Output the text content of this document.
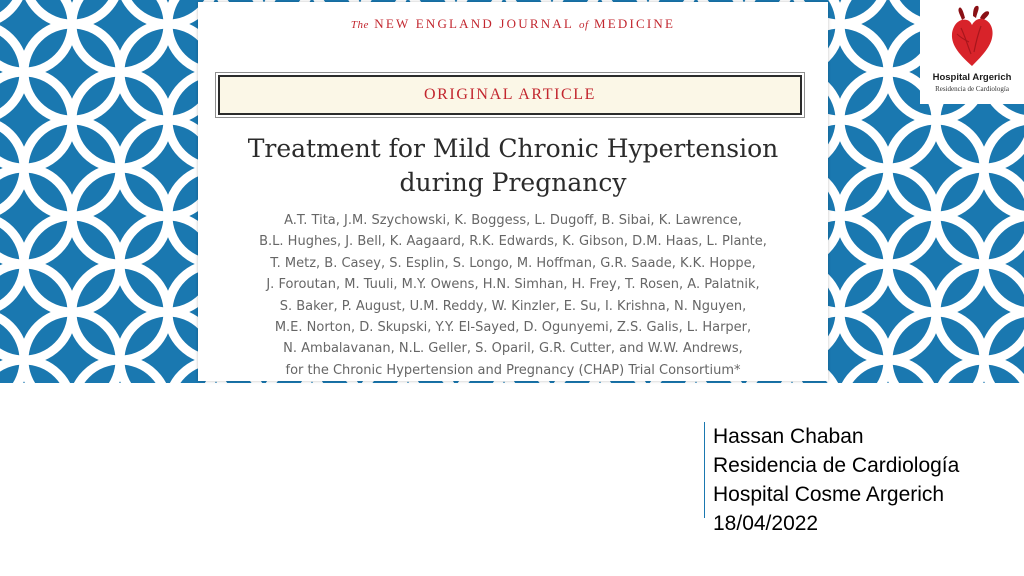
The NEW ENGLAND JOURNAL of MEDICINE
ORIGINAL ARTICLE
Treatment for Mild Chronic Hypertension
during Pregnancy
A.T. Tita, J.M. Szychowski, K. Boggess, L. Dugoff, B. Sibai, K. Lawrence,
B.L. Hughes, J. Bell, K. Aagaard, R.K. Edwards, K. Gibson, D.M. Haas, L. Plante,
T. Metz, B. Casey, S. Esplin, S. Longo, M. Hoffman, G.R. Saade, K.K. Hoppe,
J. Foroutan, M. Tuuli, M.Y. Owens, H.N. Simhan, H. Frey, T. Rosen, A. Palatnik,
S. Baker, P. August, U.M. Reddy, W. Kinzler, E. Su, I. Krishna, N. Nguyen,
M.E. Norton, D. Skupski, Y.Y. El-Sayed, D. Ogunyemi, Z.S. Galis, L. Harper,
N. Ambalavanan, N.L. Geller, S. Oparil, G.R. Cutter, and W.W. Andrews,
for the Chronic Hypertension and Pregnancy (CHAP) Trial Consortium*
Hospital Argerich
Residencia de Cardiología
Hassan Chaban
Residencia de Cardiología
Hospital Cosme Argerich
18/04/2022
